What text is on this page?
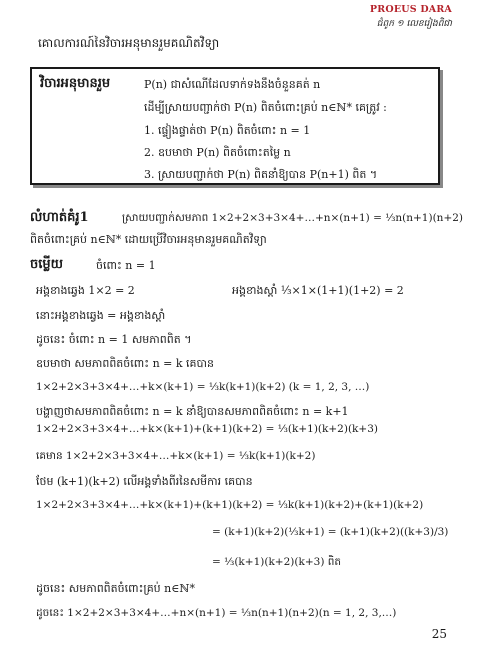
PROEUS DARA
ជំពូក ១ លេខរៀងពិជា
គោលការណ៍នៃវិចារអនុមានរួមគណិតវិទ្យា
វិចារអនុមានរួម	P(n) ជាសំណើដែលទាក់ទងនឹងចំនួនគត់ n
ដើម្បីស្រាយបញ្ជាក់ថា P(n) ពិតចំពោះគ្រប់ n∈ℕ* គេត្រូវ :
1. ផ្ទៀងផ្ទាត់ថា P(n) ពិតចំពោះ n = 1
2. ឧបមាថា P(n) ពិតចំពោះតម្លៃ n
3. ស្រាយបញ្ជាក់ថា P(n) ពិតនាំឱ្យបាន P(n+1) ពិត ។
លំហាត់គំរូ1	ស្រាយបញ្ជាក់សមភាព 1×2+2×3+3×4+…+n×(n+1) = ⅓n(n+1)(n+2)
ពិតចំពោះគ្រប់ n∈ℕ* ដោយប្រើវិចារអនុមានរួមគណិតវិទ្យា
ចម្លើយ	ចំពោះ n = 1
អង្គខាងឆ្វេង 1×2 = 2	អង្គខាងស្តាំ ⅓×1×(1+1)(1+2) = 2
នោះអង្គខាងឆ្វេង = អង្គខាងស្តាំ
ដូចនេះ ចំពោះ n = 1 សមភាពពិត ។
ឧបមាថា សមភាពពិតចំពោះ n = k គេបាន
1×2+2×3+3×4+…+k×(k+1) = ⅓k(k+1)(k+2) (k = 1, 2, 3, …)
បង្ហាញថាសមភាពពិតចំពោះ n = k នាំឱ្យបានសមភាពពិតចំពោះ n = k+1
1×2+2×3+3×4+…+k×(k+1)+(k+1)(k+2) = ⅓(k+1)(k+2)(k+3)
គេមាន 1×2+2×3+3×4+…+k×(k+1) = ⅓k(k+1)(k+2)
ថែម (k+1)(k+2) លើអង្គទាំងពីរនៃសមីការ គេបាន
1×2+2×3+3×4+…+k×(k+1)+(k+1)(k+2) = ⅓k(k+1)(k+2)+(k+1)(k+2)
= (k+1)(k+2)(⅓k+1) = (k+1)(k+2)((k+3)/3)
= ⅓(k+1)(k+2)(k+3) ពិត
ដូចនេះ សមភាពពិតចំពោះគ្រប់ n∈ℕ*
ដូចនេះ 1×2+2×3+3×4+…+n×(n+1) = ⅓n(n+1)(n+2)(n = 1, 2, 3,…)
25
